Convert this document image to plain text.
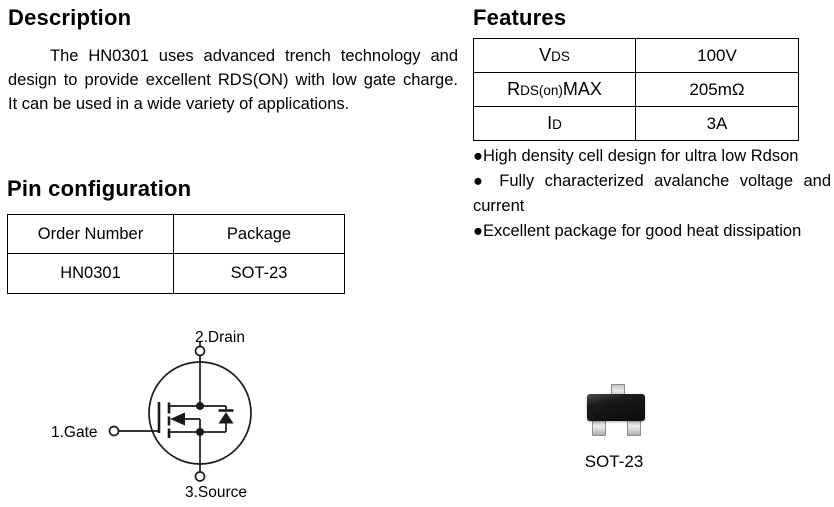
Description
The HN0301 uses advanced trench technology and
design to provide excellent RDS(ON) with low gate charge.
It can be used in a wide variety of applications.
Features
VDS	100V
RDS(on)MAX	205mΩ
ID	3A
●High density cell design for ultra low Rdson
● Fully characterized avalanche voltage and
current
●Excellent package for good heat dissipation
Pin configuration
Order Number	Package
HN0301	SOT-23
2.Drain
1.Gate
3.Source
SOT-23
